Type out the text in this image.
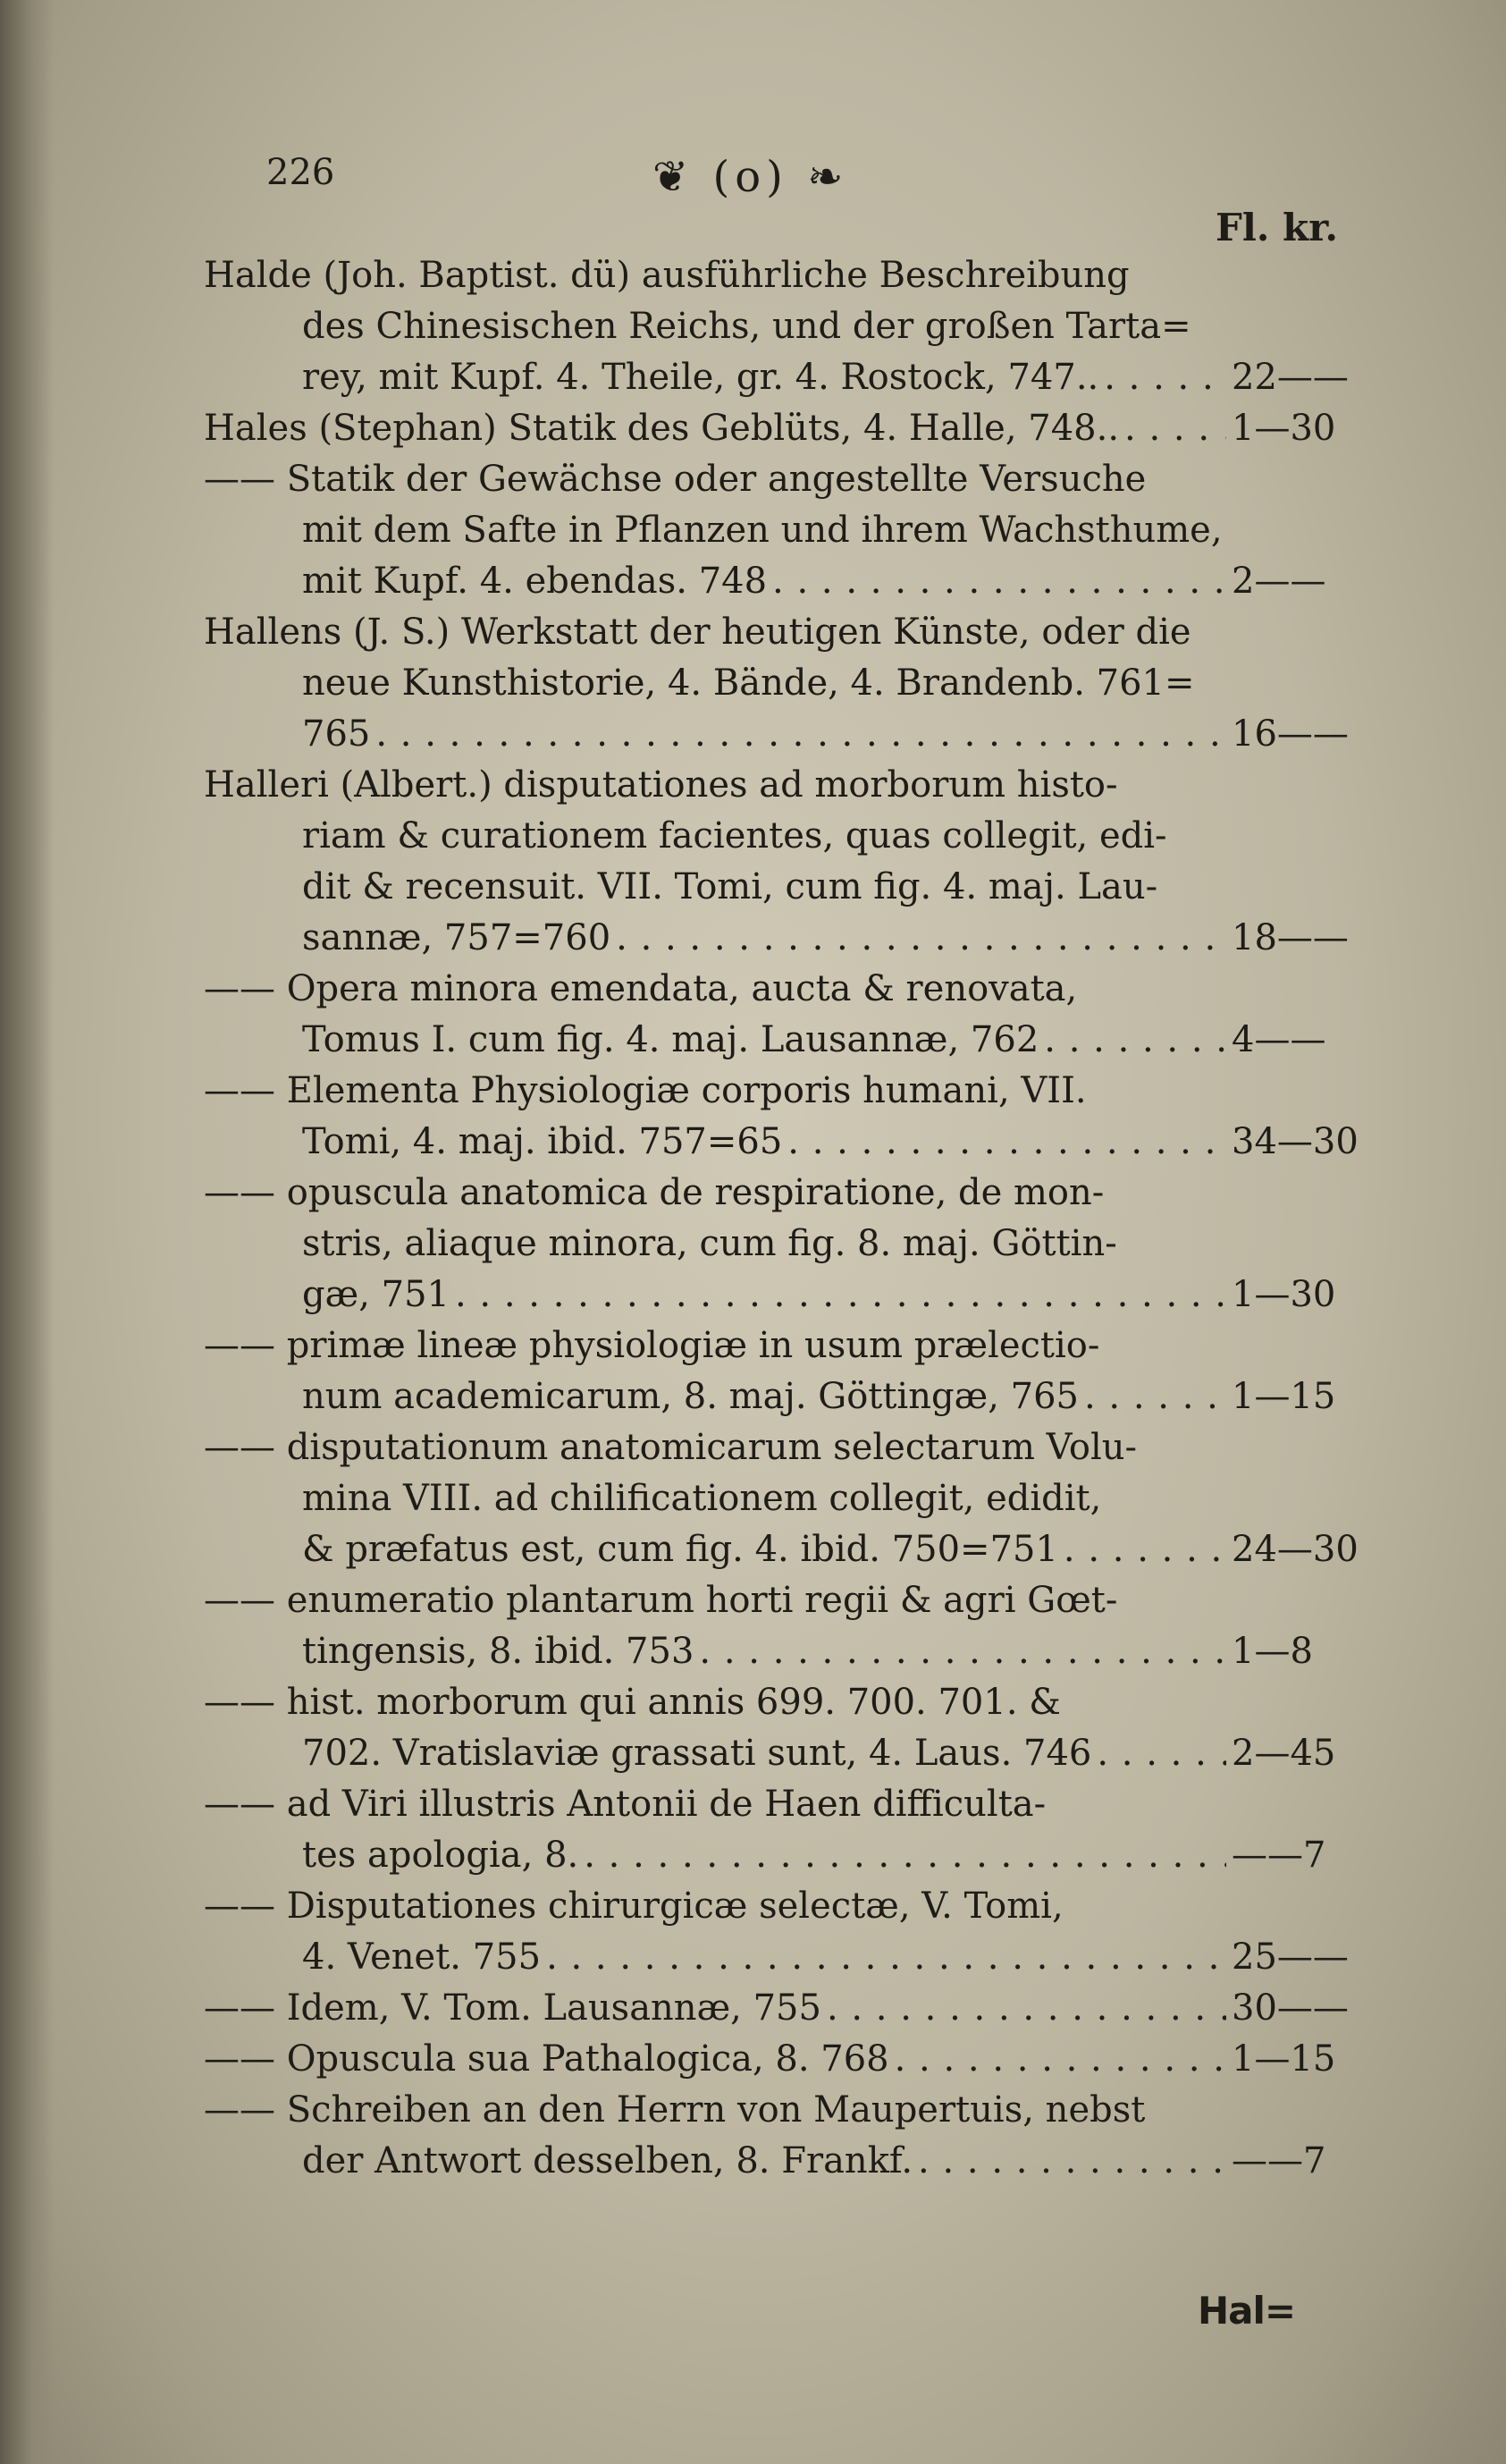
226	❦ (o) ❧
Fl. kr.
Halde (Joh. Baptist. dü) ausführliche Beschreibung
des Chinesischen Reichs, und der großen Tarta=
rey, mit Kupf. 4. Theile, gr. 4. Rostock, 747.. . . .	22——
Hales (Stephan) Statik des Geblüts, 4. Halle, 748.. . . .	1—30
—— Statik der Gewächse oder angestellte Versuche
mit dem Safte in Pflanzen und ihrem Wachsthume,
mit Kupf. 4. ebendas. 748 . . .	2——
Hallens (J. S.) Werkstatt der heutigen Künste, oder die
neue Kunsthistorie, 4. Bände, 4. Brandenb. 761=
765 . . .	16——
Halleri (Albert.) disputationes ad morborum histo-
riam & curationem facientes, quas collegit, edi-
dit & recensuit. VII. Tomi, cum fig. 4. maj. Lau-
sannæ, 757=760 . . .	18——
—— Opera minora emendata, aucta & renovata,
Tomus I. cum fig. 4. maj. Lausannæ, 762 . . .	4——
—— Elementa Physiologiæ corporis humani, VII.
Tomi, 4. maj. ibid. 757=65 . . .	34—30
—— opuscula anatomica de respiratione, de mon-
stris, aliaque minora, cum fig. 8. maj. Göttin-
gæ, 751 . . .	1—30
—— primæ lineæ physiologiæ in usum prælectio-
num academicarum, 8. maj. Göttingæ, 765 . . .	1—15
—— disputationum anatomicarum selectarum Volu-
mina VIII. ad chilificationem collegit, edidit,
& præfatus est, cum fig. 4. ibid. 750=751 . . .	24—30
—— enumeratio plantarum horti regii & agri Gœt-
tingensis, 8. ibid. 753 . . .	1—8
—— hist. morborum qui annis 699. 700. 701. &
702. Vratislaviæ grassati sunt, 4. Laus. 746 . . .	2—45
—— ad Viri illustris Antonii de Haen difficulta-
tes apologia, 8. . . .	——7
—— Disputationes chirurgicæ selectæ, V. Tomi,
4. Venet. 755 . . .	25——
—— Idem, V. Tom. Lausannæ, 755 . . .	30——
—— Opuscula sua Pathalogica, 8. 768 . . .	1—15
—— Schreiben an den Herrn von Maupertuis, nebst
der Antwort desselben, 8. Frankf. . . .	——7
Hal=
